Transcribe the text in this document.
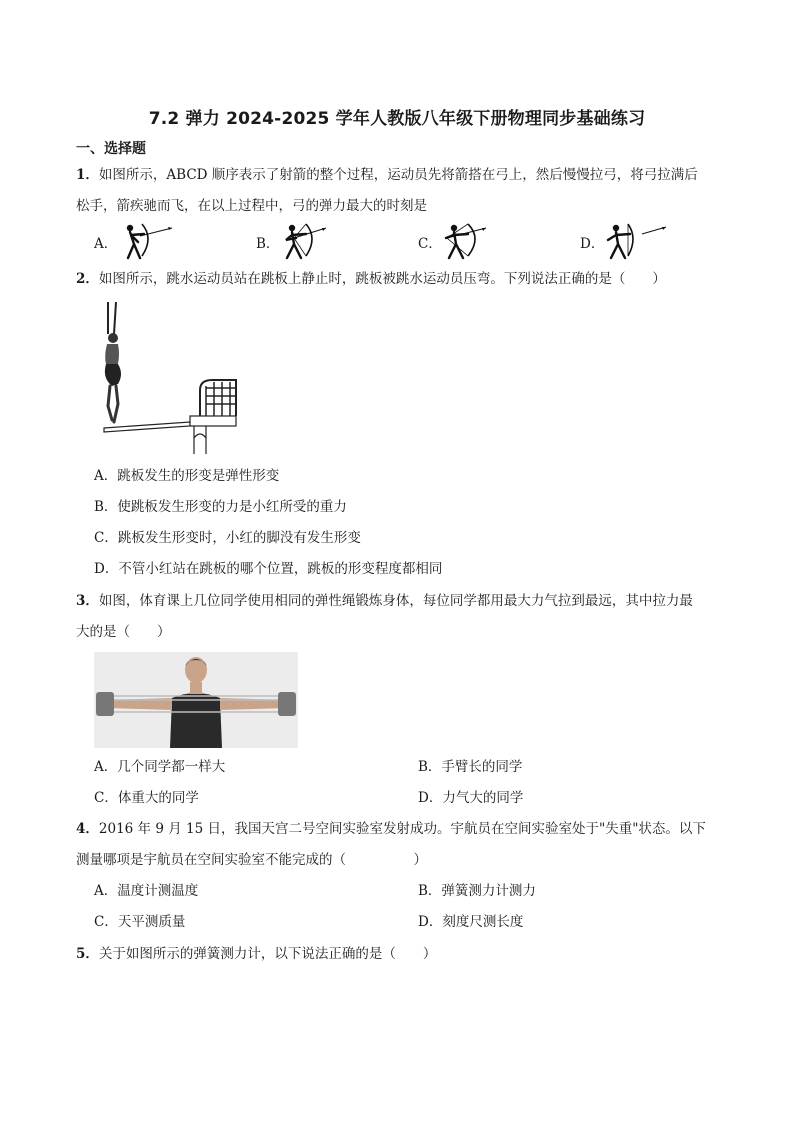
7.2 弹力 2024-2025 学年人教版八年级下册物理同步基础练习
一、选择题
1．如图所示，ABCD 顺序表示了射箭的整个过程，运动员先将箭搭在弓上，然后慢慢拉弓，将弓拉满后
松手，箭疾驰而飞，在以上过程中，弓的弹力最大的时刻是
A．	B．	C．	D．
2．如图所示，跳水运动员站在跳板上静止时，跳板被跳水运动员压弯。下列说法正确的是（　　）
A．跳板发生的形变是弹性形变
B．使跳板发生形变的力是小红所受的重力
C．跳板发生形变时，小红的脚没有发生形变
D．不管小红站在跳板的哪个位置，跳板的形变程度都相同
3．如图，体育课上几位同学使用相同的弹性绳锻炼身体，每位同学都用最大力气拉到最远，其中拉力最
大的是（　　）
A．几个同学都一样大	B．手臂长的同学
C．体重大的同学	D．力气大的同学
4．2016 年 9 月 15 日，我国天宫二号空间实验室发射成功。宇航员在空间实验室处于"失重"状态。以下
测量哪项是宇航员在空间实验室不能完成的（　　　　　）
A．温度计测温度	B．弹簧测力计测力
C．天平测质量	D．刻度尺测长度
5．关于如图所示的弹簧测力计，以下说法正确的是（　　）
